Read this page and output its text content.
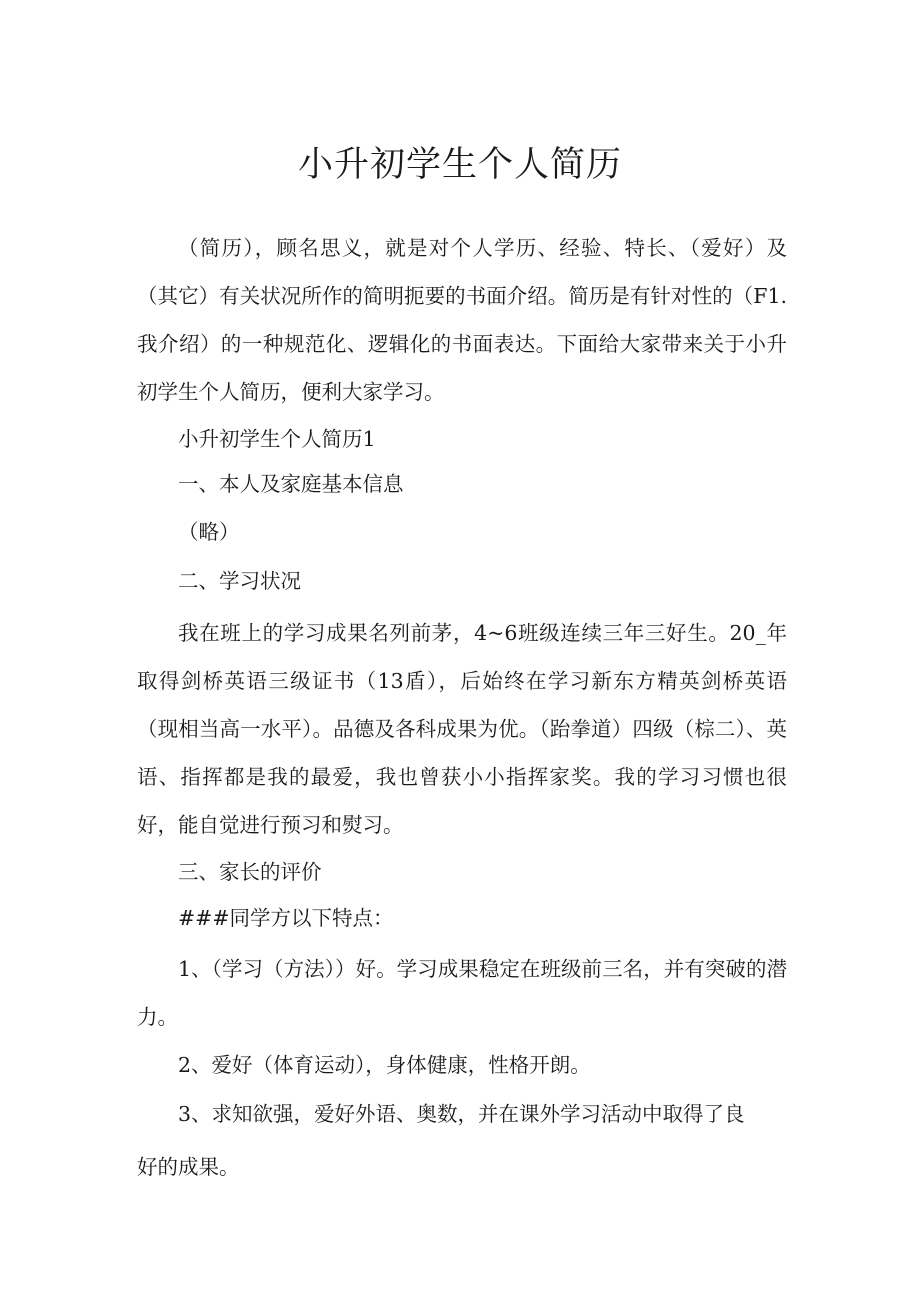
小升初学生个人简历

（简历），顾名思义，就是对个人学历、经验、特长、（爱好）及（其它）有关状况所作的简明扼要的书面介绍。简历是有针对性的（F1.我介绍）的一种规范化、逻辑化的书面表达。下面给大家带来关于小升初学生个人简历，便利大家学习。

小升初学生个人简历1

一、本人及家庭基本信息

（略）

二、学习状况

我在班上的学习成果名列前茅，4~6班级连续三年三好生。20_年取得剑桥英语三级证书（13盾），后始终在学习新东方精英剑桥英语（现相当高一水平）。品德及各科成果为优。（跆拳道）四级（棕二）、英语、指挥都是我的最爱，我也曾获小小指挥家奖。我的学习习惯也很好，能自觉进行预习和熨习。

三、家长的评价

###同学方以下特点：

1、（学习（方法））好。学习成果稳定在班级前三名，并有突破的潜力。

2、爱好（体育运动），身体健康，性格开朗。

3、求知欲强，爱好外语、奥数，并在课外学习活动中取得了良

好的成果。
